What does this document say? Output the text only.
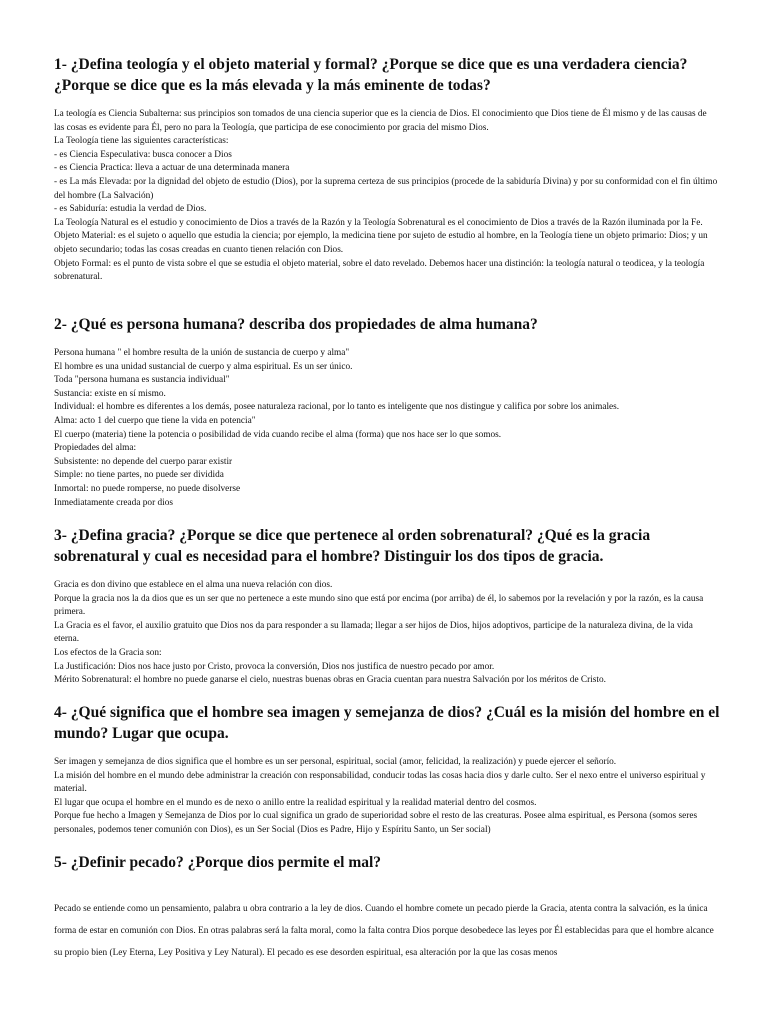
1- ¿Defina teología y el objeto material y formal? ¿Porque se dice que es una verdadera ciencia? ¿Porque se dice que es la más elevada y la más eminente de todas?

La teología es Ciencia Subalterna: sus principios son tomados de una ciencia superior que es la ciencia de Dios. El conocimiento que Dios tiene de Él mismo y de las causas de las cosas es evidente para Él, pero no para la Teología, que participa de ese conocimiento por gracia del mismo Dios.

La Teología tiene las siguientes características:

- es Ciencia Especulativa: busca conocer a Dios

- es Ciencia Practica: lleva a actuar de una determinada manera

- es La más Elevada: por la dignidad del objeto de estudio (Dios), por la suprema certeza de sus principios (procede de la sabiduría Divina) y por su conformidad con el fin último del hombre (La Salvación)

- es Sabiduría: estudia la verdad de Dios.

La Teología Natural es el estudio y conocimiento de Dios a través de la Razón y la Teología Sobrenatural es el conocimiento de Dios a través de la Razón iluminada por la Fe.

Objeto Material: es el sujeto o aquello que estudia la ciencia; por ejemplo, la medicina tiene por sujeto de estudio al hombre, en la Teología tiene un objeto primario: Dios; y un objeto secundario; todas las cosas creadas en cuanto tienen relación con Dios.

Objeto Formal: es el punto de vista sobre el que se estudia el objeto material, sobre el dato revelado. Debemos hacer una distinción: la teología natural o teodicea, y la teología sobrenatural.

2- ¿Qué es persona humana? describa dos propiedades de alma humana?

Persona humana " el hombre resulta de la unión de sustancia de cuerpo y alma"

El hombre es una unidad sustancial de cuerpo y alma espiritual. Es un ser único.

Toda "persona humana es sustancia individual"

Sustancia: existe en sí mismo.

Individual: el hombre es diferentes a los demás, posee naturaleza racional, por lo tanto es inteligente que nos distingue y califica por sobre los animales.

Alma: acto 1 del cuerpo que tiene la vida en potencia"

El cuerpo (materia) tiene la potencia o posibilidad de vida cuando recibe el alma (forma) que nos hace ser lo que somos.

Propiedades del alma:

Subsistente: no depende del cuerpo parar existir

Simple: no tiene partes, no puede ser dividida

Inmortal: no puede romperse, no puede disolverse

Inmediatamente creada por dios

3- ¿Defina gracia? ¿Porque se dice que pertenece al orden sobrenatural? ¿Qué es la gracia sobrenatural y cual es necesidad para el hombre? Distinguir los dos tipos de gracia.

Gracia es don divino que establece en el alma una nueva relación con dios.

Porque la gracia nos la da dios que es un ser que no pertenece a este mundo sino que está por encima (por arriba) de él, lo sabemos por la revelación y por la razón, es la causa primera.

La Gracia es el favor, el auxilio gratuito que Dios nos da para responder a su llamada; llegar a ser hijos de Dios, hijos adoptivos, participe de la naturaleza divina, de la vida eterna.

Los efectos de la Gracia son:

La Justificación: Dios nos hace justo por Cristo, provoca la conversión, Dios nos justifica de nuestro pecado por amor.

Mérito Sobrenatural: el hombre no puede ganarse el cielo, nuestras buenas obras en Gracia cuentan para nuestra Salvación por los méritos de Cristo.

4- ¿Qué significa que el hombre sea imagen y semejanza de dios? ¿Cuál es la misión del hombre en el mundo? Lugar que ocupa.

Ser imagen y semejanza de dios significa que el hombre es un ser personal, espiritual, social (amor, felicidad, la realización) y puede ejercer el señorío.

La misión del hombre en el mundo debe administrar la creación con responsabilidad, conducir todas las cosas hacia dios y darle culto. Ser el nexo entre el universo espiritual y material.

El lugar que ocupa el hombre en el mundo es de nexo o anillo entre la realidad espiritual y la realidad material dentro del cosmos.

Porque fue hecho a Imagen y Semejanza de Dios por lo cual significa un grado de superioridad sobre el resto de las creaturas. Posee alma espiritual, es Persona (somos seres personales, podemos tener comunión con Dios), es un Ser Social (Dios es Padre, Hijo y Espíritu Santo, un Ser social)

5- ¿Definir pecado? ¿Porque dios permite el mal?

Pecado se entiende como un pensamiento, palabra u obra contrario a la ley de dios. Cuando el hombre comete un pecado pierde la Gracia, atenta contra la salvación, es la única forma de estar en comunión con Dios. En otras palabras será la falta moral, como la falta contra Dios porque desobedece las leyes por Él establecidas para que el hombre alcance su propio bien (Ley Eterna, Ley Positiva y Ley Natural). El pecado es ese desorden espiritual, esa alteración por la que las cosas menos
